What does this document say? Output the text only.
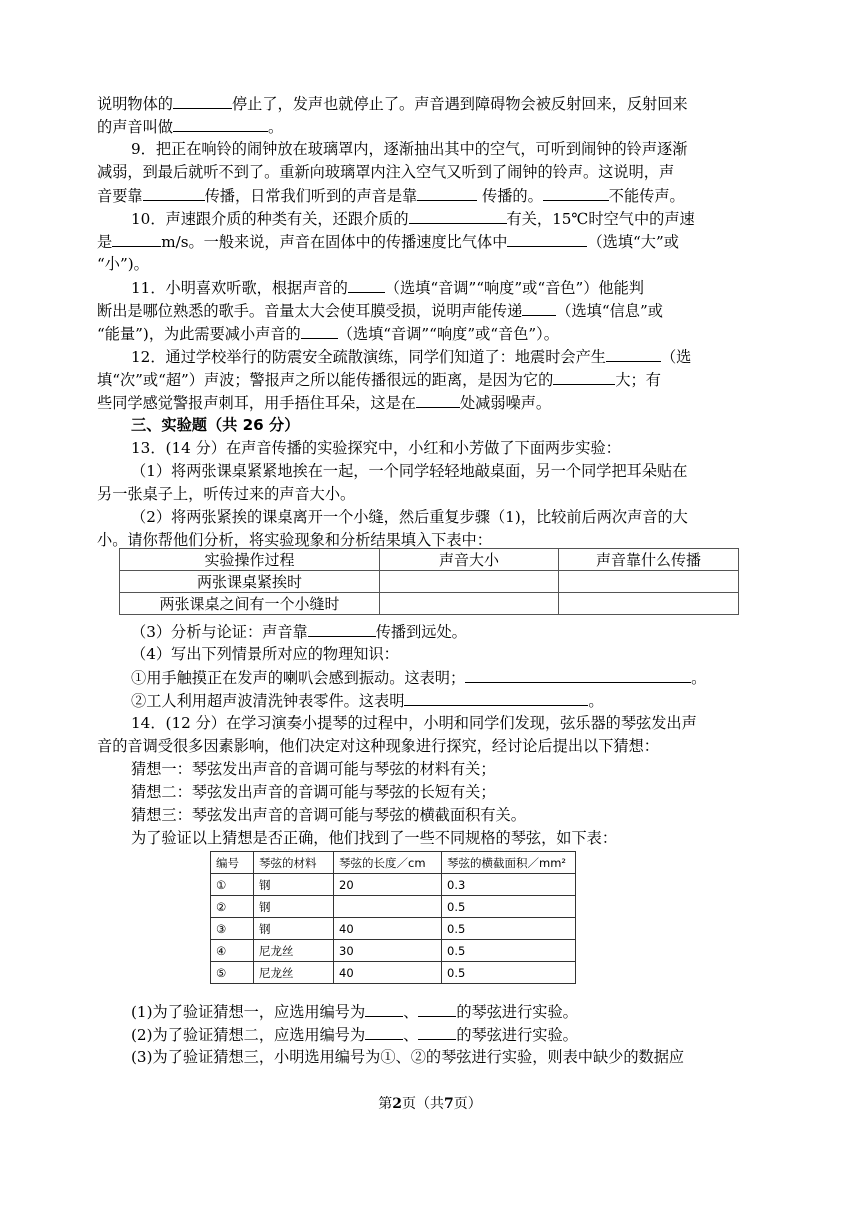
说明物体的	停止了，发声也就停止了。声音遇到障碍物会被反射回来，反射回来
的声音叫做	。
9．把正在响铃的闹钟放在玻璃罩内，逐渐抽出其中的空气，可听到闹钟的铃声逐渐
减弱，到最后就听不到了。重新向玻璃罩内注入空气又听到了闹钟的铃声。这说明，声
音要靠	传播，日常我们听到的声音是靠	传播的。	不能传声。
10．声速跟介质的种类有关，还跟介质的	有关，15℃时空气中的声速
是	m/s。一般来说，声音在固体中的传播速度比气体中	（选填“大”或
“小”)。
11．小明喜欢听歌，根据声音的 （选填“音调”“响度”或“音色”）他能判
断出是哪位熟悉的歌手。音量太大会使耳膜受损，说明声能传递 （选填“信息”或
“能量”)，为此需要减小声音的 （选填“音调”“响度”或“音色”）。
12．通过学校举行的防震安全疏散演练，同学们知道了：地震时会产生	（选
填“次”或“超”）声波；警报声之所以能传播很远的距离，是因为它的	大；有
些同学感觉警报声刺耳，用手捂住耳朵，这是在	处减弱噪声。
三、实验题（共 26 分）
13．(14 分）在声音传播的实验探究中，小红和小芳做了下面两步实验：
（1）将两张课桌紧紧地挨在一起，一个同学轻轻地敲桌面，另一个同学把耳朵贴在
另一张桌子上，听传过来的声音大小。
（2）将两张紧挨的课桌离开一个小缝，然后重复步骤（1)，比较前后两次声音的大
小。请你帮他们分析，将实验现象和分析结果填入下表中：
实验操作过程	声音大小	声音靠什么传播
两张课桌紧挨时		
两张课桌之间有一个小缝时		
（3）分析与论证：声音靠	传播到远处。
（4）写出下列情景所对应的物理知识：
①用手触摸正在发声的喇叭会感到振动。这表明；	。
②工人利用超声波清洗钟表零件。这表明	。
14．(12 分）在学习演奏小提琴的过程中，小明和同学们发现，弦乐器的琴弦发出声
音的音调受很多因素影响，他们决定对这种现象进行探究，经讨论后提出以下猜想：
猜想一：琴弦发出声音的音调可能与琴弦的材料有关；
猜想二：琴弦发出声音的音调可能与琴弦的长短有关；
猜想三：琴弦发出声音的音调可能与琴弦的横截面积有关。
为了验证以上猜想是否正确，他们找到了一些不同规格的琴弦，如下表：
编号	琴弦的材料	琴弦的长度／cm	琴弦的横截面积／mm²
①	钢	20	0.3
②	钢		0.5
③	钢	40	0.5
④	尼龙丝	30	0.5
⑤	尼龙丝	40	0.5
(1)为了验证猜想一，应选用编号为	、	的琴弦进行实验。
(2)为了验证猜想二，应选用编号为	、	的琴弦进行实验。
(3)为了验证猜想三，小明选用编号为①、②的琴弦进行实验，则表中缺少的数据应
第2页（共7页）
